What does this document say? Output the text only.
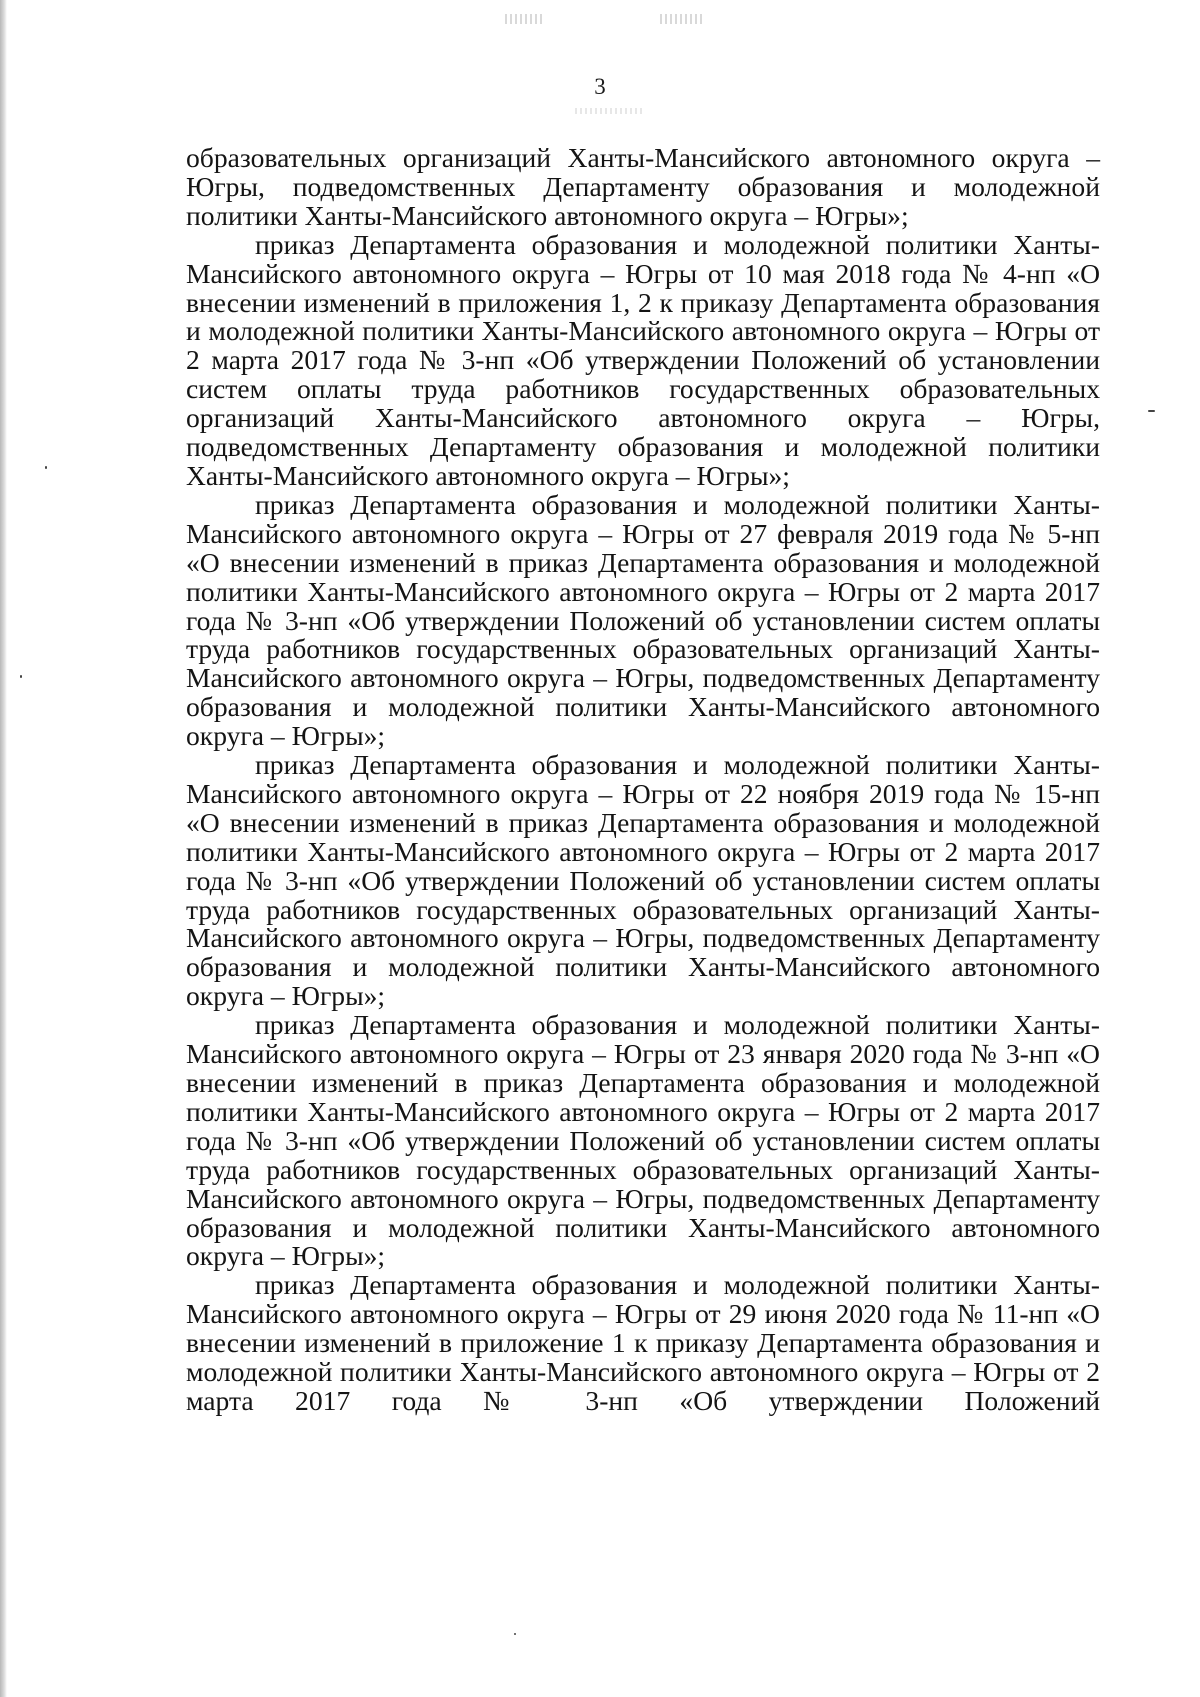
3

образовательных организаций Ханты-Мансийского автономного округа – Югры, подведомственных Департаменту образования и молодежной политики Ханты-Мансийского автономного округа – Югры»;

приказ Департамента образования и молодежной политики Ханты-Мансийского автономного округа – Югры от 10 мая 2018 года № 4-нп «О внесении изменений в приложения 1, 2 к приказу Департамента образования и молодежной политики Ханты-Мансийского автономного округа – Югры от 2 марта 2017 года № 3-нп «Об утверждении Положений об установлении систем оплаты труда работников государственных образовательных организаций Ханты-Мансийского автономного округа – Югры, подведомственных Департаменту образования и молодежной политики Ханты-Мансийского автономного округа – Югры»;

приказ Департамента образования и молодежной политики Ханты-Мансийского автономного округа – Югры от 27 февраля 2019 года № 5-нп «О внесении изменений в приказ Департамента образования и молодежной политики Ханты-Мансийского автономного округа – Югры от 2 марта 2017 года № 3-нп «Об утверждении Положений об установлении систем оплаты труда работников государственных образовательных организаций Ханты-Мансийского автономного округа – Югры, подведомственных Департаменту образования и молодежной политики Ханты-Мансийского автономного округа – Югры»;

приказ Департамента образования и молодежной политики Ханты-Мансийского автономного округа – Югры от 22 ноября 2019 года № 15-нп «О внесении изменений в приказ Департамента образования и молодежной политики Ханты-Мансийского автономного округа – Югры от 2 марта 2017 года № 3-нп «Об утверждении Положений об установлении систем оплаты труда работников государственных образовательных организаций Ханты-Мансийского автономного округа – Югры, подведомственных Департаменту образования и молодежной политики Ханты-Мансийского автономного округа – Югры»;

приказ Департамента образования и молодежной политики Ханты-Мансийского автономного округа – Югры от 23 января 2020 года № 3-нп «О внесении изменений в приказ Департамента образования и молодежной политики Ханты-Мансийского автономного округа – Югры от 2 марта 2017 года № 3-нп «Об утверждении Положений об установлении систем оплаты труда работников государственных образовательных организаций Ханты-Мансийского автономного округа – Югры, подведомственных Департаменту образования и молодежной политики Ханты-Мансийского автономного округа – Югры»;

приказ Департамента образования и молодежной политики Ханты-Мансийского автономного округа – Югры от 29 июня 2020 года № 11-нп «О внесении изменений в приложение 1 к приказу Департамента образования и молодежной политики Ханты-Мансийского автономного округа – Югры от 2 марта 2017 года № 3-нп «Об утверждении Положений
